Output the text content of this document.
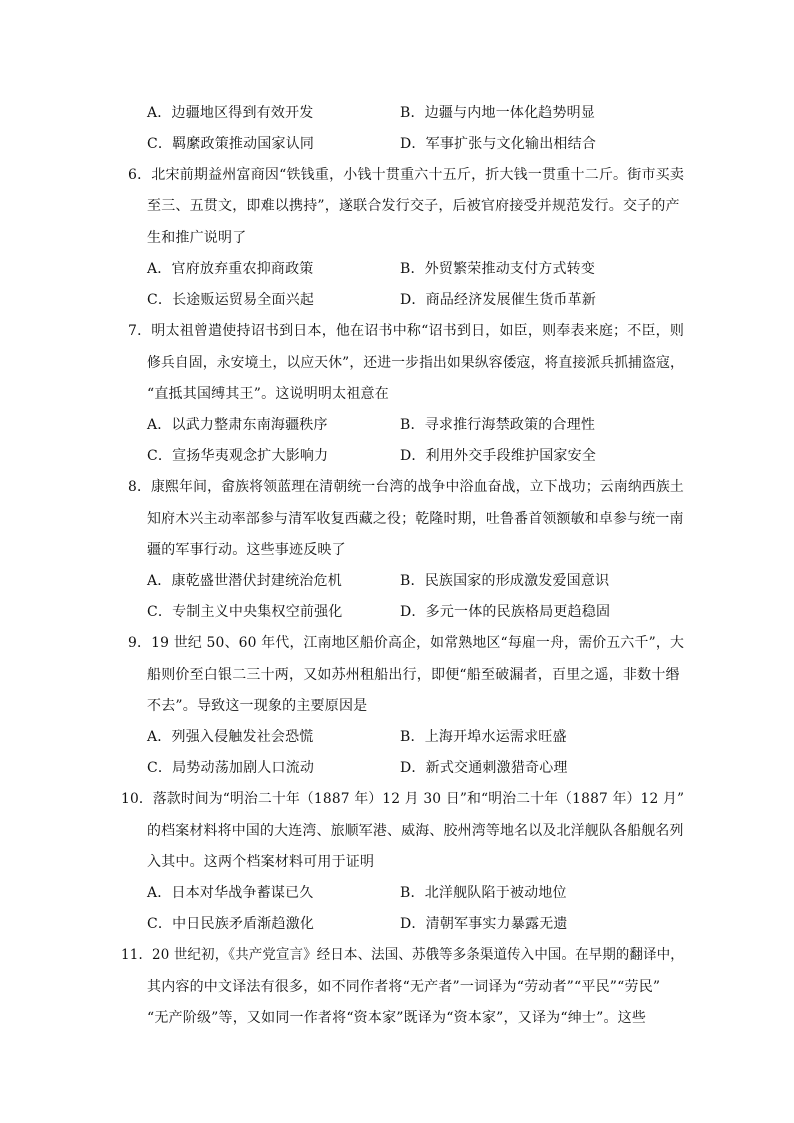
A．边疆地区得到有效开发	B．边疆与内地一体化趋势明显
C．羁縻政策推动国家认同	D．军事扩张与文化输出相结合
6．北宋前期益州富商因“铁钱重，小钱十贯重六十五斤，折大钱一贯重十二斤。街市买卖
至三、五贯文，即难以携持”，遂联合发行交子，后被官府接受并规范发行。交子的产
生和推广说明了
A．官府放弃重农抑商政策	B．外贸繁荣推动支付方式转变
C．长途贩运贸易全面兴起	D．商品经济发展催生货币革新
7．明太祖曾遣使持诏书到日本，他在诏书中称“诏书到日，如臣，则奉表来庭；不臣，则
修兵自固，永安境土，以应天休”，还进一步指出如果纵容倭寇，将直接派兵抓捕盗寇，
“直抵其国缚其王”。这说明明太祖意在
A．以武力整肃东南海疆秩序	B．寻求推行海禁政策的合理性
C．宣扬华夷观念扩大影响力	D．利用外交手段维护国家安全
8．康熙年间，畲族将领蓝理在清朝统一台湾的战争中浴血奋战，立下战功；云南纳西族土
知府木兴主动率部参与清军收复西藏之役；乾隆时期，吐鲁番首领额敏和卓参与统一南
疆的军事行动。这些事迹反映了
A．康乾盛世潜伏封建统治危机	B．民族国家的形成激发爱国意识
C．专制主义中央集权空前强化	D．多元一体的民族格局更趋稳固
9．19 世纪 50、60 年代，江南地区船价高企，如常熟地区“每雇一舟，需价五六千”，大
船则价至白银二三十两，又如苏州租船出行，即便“船至破漏者，百里之遥，非数十缗
不去”。导致这一现象的主要原因是
A．列强入侵触发社会恐慌	B．上海开埠水运需求旺盛
C．局势动荡加剧人口流动	D．新式交通刺激猎奇心理
10．落款时间为“明治二十年（1887 年）12 月 30 日”和“明治二十年（1887 年）12 月”
的档案材料将中国的大连湾、旅顺军港、威海、胶州湾等地名以及北洋舰队各船舰名列
入其中。这两个档案材料可用于证明
A．日本对华战争蓄谋已久	B．北洋舰队陷于被动地位
C．中日民族矛盾渐趋激化	D．清朝军事实力暴露无遗
11．20 世纪初，《共产党宣言》经日本、法国、苏俄等多条渠道传入中国。在早期的翻译中，
其内容的中文译法有很多，如不同作者将“无产者”一词译为“劳动者”“平民”“劳民”
“无产阶级”等，又如同一作者将“资本家”既译为“资本家”，又译为“绅士”。这些
